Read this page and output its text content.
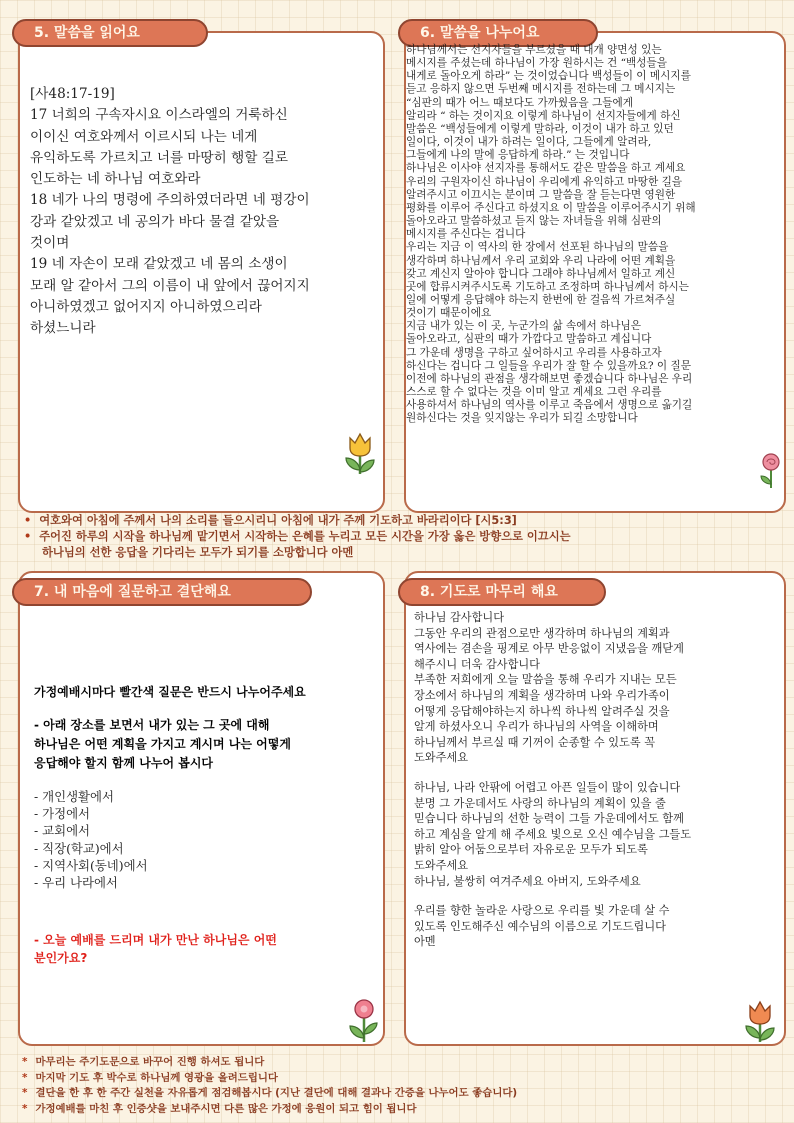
5. 말씀을 읽어요
[사48:17-19]
17 너희의 구속자시요 이스라엘의 거룩하신
이이신 여호와께서 이르시되 나는 네게
유익하도록 가르치고 너를 마땅히 행할 길로
인도하는 네 하나님 여호와라
18 네가 나의 명령에 주의하였더라면 네 평강이
강과 같았겠고 네 공의가 바다 물결 같았을
것이며
19 네 자손이 모래 같았겠고 네 몸의 소생이
모래 알 같아서 그의 이름이 내 앞에서 끊어지지
아니하였겠고 없어지지 아니하였으리라
하셨느니라
6. 말씀을 나누어요
하나님께서는 선지자들을 부르셨을 때 대개 양면성 있는
메시지를 주셨는데 하나님이 가장 원하시는 건 “백성들을
내게로 돌아오게 하라” 는 것이었습니다 백성들이 이 메시지를
듣고 응하지 않으면 두번째 메시지를 전하는데 그 메시지는
“심판의 때가 어느 때보다도 가까웠음을 그들에게
알리라 “ 하는 것이지요 이렇게 하나님이 선지자들에게 하신
말씀은 “백성들에게 이렇게 말하라, 이것이 내가 하고 있던
일이다, 이것이 내가 하려는 일이다, 그들에게 알려라,
그들에게 나의 말에 응답하게 하라.” 는 것입니다
하나님은 이사야 선지자를 통해서도 같은 말씀을 하고 계세요
우리의 구원자이신 하나님이 우리에게 유익하고 마땅한 길을
알려주시고 이끄시는 분이며 그 말씀을 잘 듣는다면 영원한
평화를 이루어 주신다고 하셨지요 이 말씀을 이루어주시기 위해
돌아오라고 말씀하셨고 듣지 않는 자녀들을 위해 심판의
메시지를 주신다는 겁니다
우리는 지금 이 역사의 한 장에서 선포된 하나님의 말씀을
생각하며 하나님께서 우리 교회와 우리 나라에 어떤 계획을
갖고 계신지 알아야 합니다 그래야 하나님께서 일하고 계신
곳에 합류시켜주시도록 기도하고 조정하며 하나님께서 하시는
일에 어떻게 응답해야 하는지 한번에 한 걸음씩 가르쳐주실
것이기 때문이에요
지금 내가 있는 이 곳, 누군가의 삶 속에서 하나님은
돌아오라고, 심판의 때가 가깝다고 말씀하고 계십니다
그 가운데 생명을 구하고 싶어하시고 우리를 사용하고자
하신다는 겁니다 그 일들을 우리가 잘 할 수 있을까요? 이 질문
이전에 하나님의 관점을 생각해보면 좋겠습니다 하나님은 우리
스스로 할 수 없다는 것을 이미 알고 계세요 그런 우리를
사용하셔서 하나님의 역사를 이루고 죽음에서 생명으로 옮기길
원하신다는 것을 잊지않는 우리가 되길 소망합니다
• 여호와여 아침에 주께서 나의 소리를 들으시리니 아침에 내가 주께 기도하고 바라리이다 [시5:3]
• 주어진 하루의 시작을 하나님께 맡기면서 시작하는 은혜를 누리고 모든 시간을 가장 옳은 방향으로 이끄시는
하나님의 선한 응답을 기다리는 모두가 되기를 소망합니다 아멘
7. 내 마음에 질문하고 결단해요
가정예배시마다 빨간색 질문은 반드시 나누어주세요
- 아래 장소를 보면서 내가 있는 그 곳에 대해
하나님은 어떤 계획을 가지고 계시며 나는 어떻게
응답해야 할지 함께 나누어 봅시다
- 개인생활에서
- 가정에서
- 교회에서
- 직장(학교)에서
- 지역사회(동네)에서
- 우리 나라에서
- 오늘 예배를 드리며 내가 만난 하나님은 어떤
분인가요?
8. 기도로 마무리 해요
하나님 감사합니다
그동안 우리의 관점으로만 생각하며 하나님의 계획과
역사에는 겸손을 핑계로 아무 반응없이 지냈음을 깨닫게
해주시니 더욱 감사합니다
부족한 저희에게 오늘 말씀을 통해 우리가 지내는 모든
장소에서 하나님의 계획을 생각하며 나와 우리가족이
어떻게 응답해야하는지 하나씩 하나씩 알려주실 것을
알게 하셨사오니 우리가 하나님의 사역을 이해하며
하나님께서 부르실 때 기꺼이 순종할 수 있도록 꼭
도와주세요
하나님, 나라 안팎에 어렵고 아픈 일들이 많이 있습니다
분명 그 가운데서도 사랑의 하나님의 계획이 있을 줄
믿습니다 하나님의 선한 능력이 그들 가운데에서도 함께
하고 계심을 알게 해 주세요 빛으로 오신 예수님을 그들도
밝히 알아 어둠으로부터 자유로운 모두가 되도록
도와주세요
하나님, 불쌍히 여겨주세요 아버지, 도와주세요
우리를 향한 놀라운 사랑으로 우리를 빛 가운데 살 수
있도록 인도해주신 예수님의 이름으로 기도드립니다
아멘
* 마무리는 주기도문으로 바꾸어 진행 하셔도 됩니다
* 마지막 기도 후 박수로 하나님께 영광을 올려드립니다
* 결단을 한 후 한 주간 실천을 자유롭게 점검해봅시다 (지난 결단에 대해 결과나 간증을 나누어도 좋습니다)
* 가정예배를 마친 후 인증샷을 보내주시면 다른 많은 가정에 응원이 되고 힘이 됩니다
